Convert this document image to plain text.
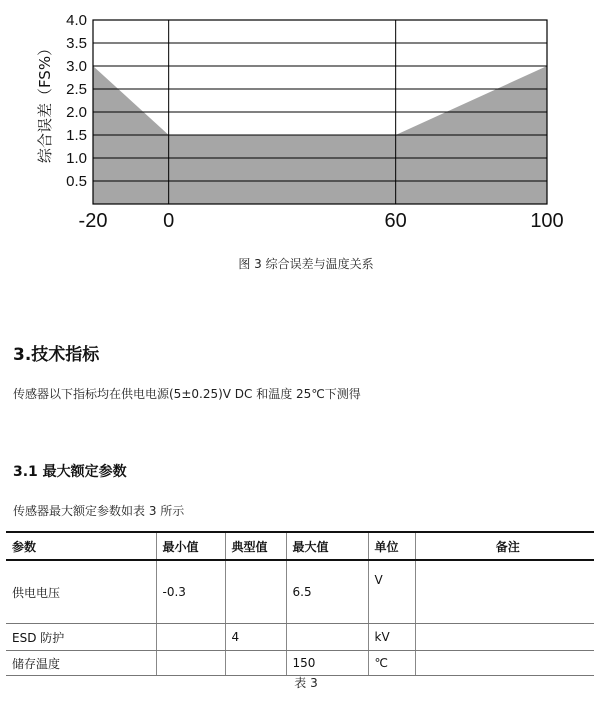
4.0
3.5
3.0
2.5
2.0
1.5
1.0
0.5
-20	0	60	100
综合误差（FS%）
图 3 综合误差与温度关系
3.技术指标
传感器以下指标均在供电电源(5±0.25)V DC 和温度 25℃下测得
3.1 最大额定参数
传感器最大额定参数如表 3 所示
参数	最小值	典型值	最大值	单位	备注
供电电压	-0.3		6.5	V	
ESD 防护		4		kV	
储存温度			150	℃	
表 3
